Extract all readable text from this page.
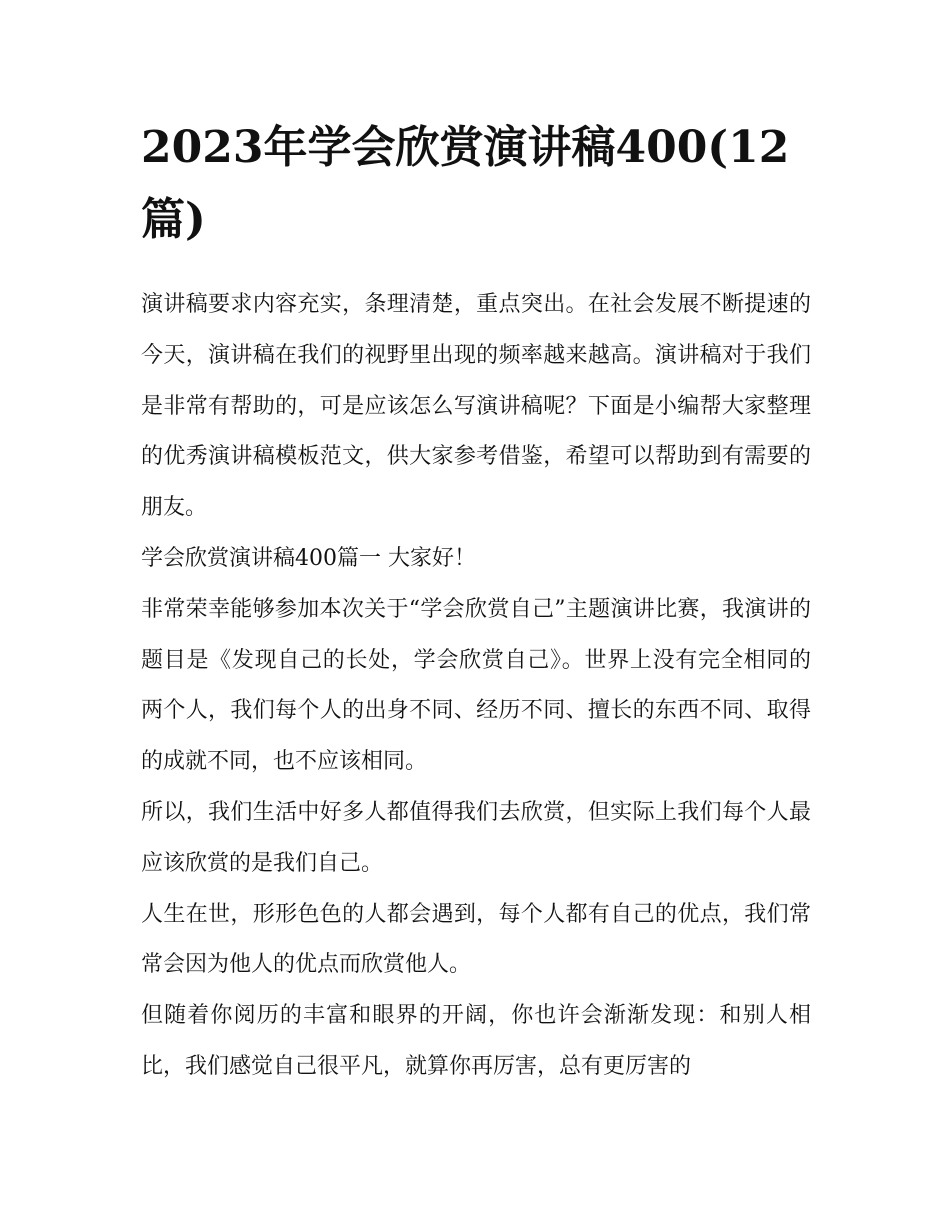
2023年学会欣赏演讲稿400(12篇)

演讲稿要求内容充实，条理清楚，重点突出。在社会发展不断提速的今天，演讲稿在我们的视野里出现的频率越来越高。演讲稿对于我们是非常有帮助的，可是应该怎么写演讲稿呢？下面是小编帮大家整理的优秀演讲稿模板范文，供大家参考借鉴，希望可以帮助到有需要的朋友。

学会欣赏演讲稿400篇一 大家好！

非常荣幸能够参加本次关于“学会欣赏自己”主题演讲比赛，我演讲的题目是《发现自己的长处，学会欣赏自己》。世界上没有完全相同的两个人，我们每个人的出身不同、经历不同、擅长的东西不同、取得的成就不同，也不应该相同。

所以，我们生活中好多人都值得我们去欣赏，但实际上我们每个人最应该欣赏的是我们自己。

人生在世，形形色色的人都会遇到，每个人都有自己的优点，我们常常会因为他人的优点而欣赏他人。

但随着你阅历的丰富和眼界的开阔，你也许会渐渐发现：和别人相比，我们感觉自己很平凡，就算你再厉害，总有更厉害的
